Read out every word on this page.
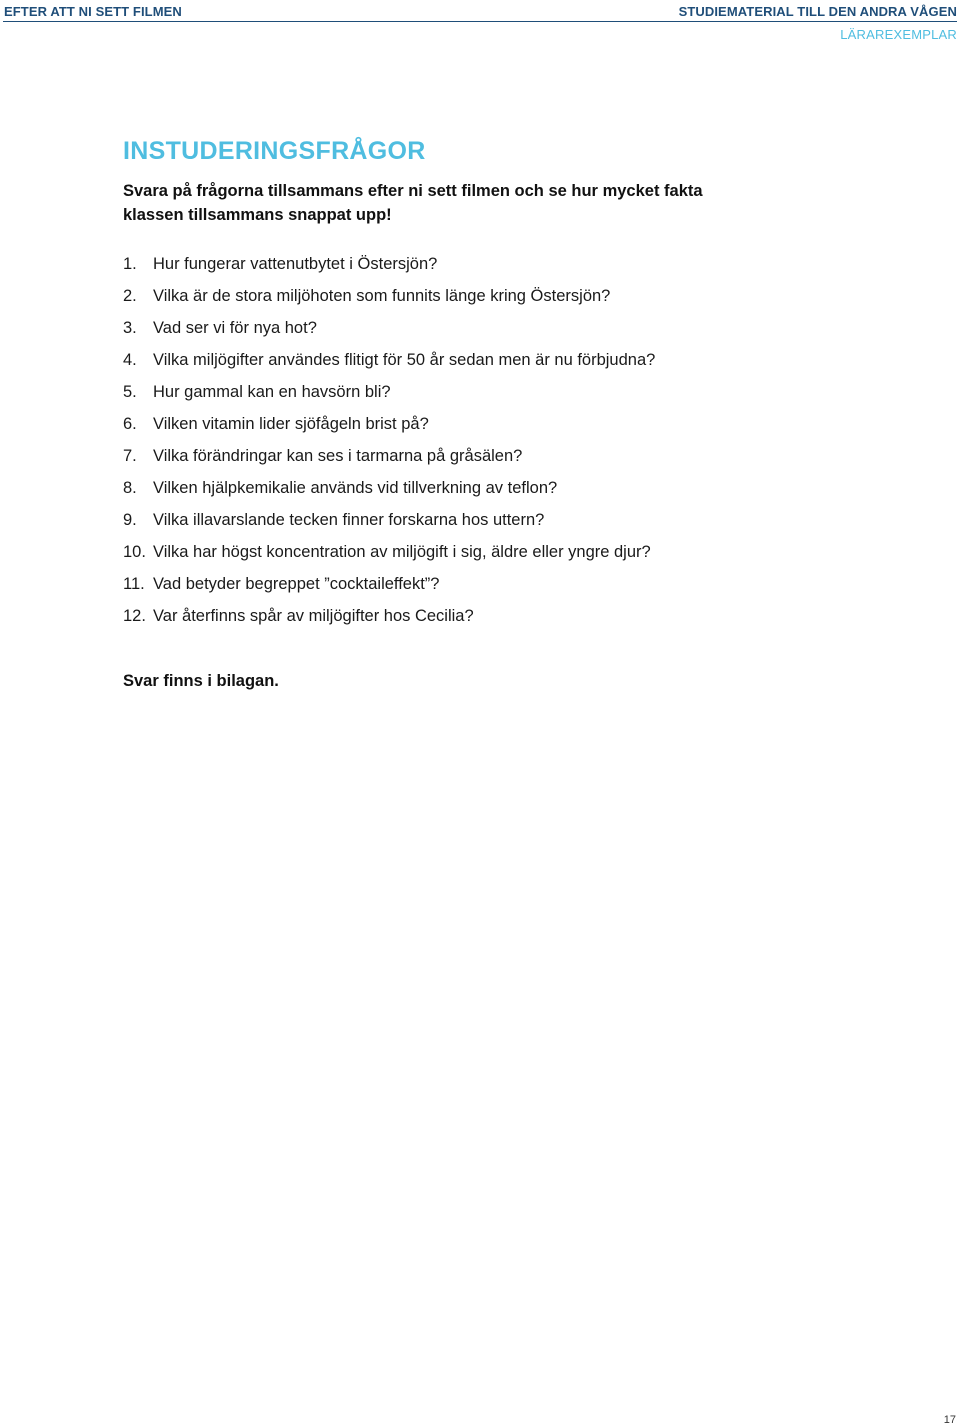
EFTER ATT NI SETT FILMEN	STUDIEMATERIAL TILL DEN ANDRA VÅGEN
LÄRAREXEMPLAR
INSTUDERINGSFRÅGOR

Svara på frågorna tillsammans efter ni sett filmen och se hur mycket fakta klassen tillsammans snappat upp!

1. Hur fungerar vattenutbytet i Östersjön?
2. Vilka är de stora miljöhoten som funnits länge kring Östersjön?
3. Vad ser vi för nya hot?
4. Vilka miljögifter användes flitigt för 50 år sedan men är nu förbjudna?
5. Hur gammal kan en havsörn bli?
6. Vilken vitamin lider sjöfågeln brist på?
7. Vilka förändringar kan ses i tarmarna på gråsälen?
8. Vilken hjälpkemikalie används vid tillverkning av teflon?
9. Vilka illavarslande tecken finner forskarna hos uttern?
10. Vilka har högst koncentration av miljögift i sig, äldre eller yngre djur?
11. Vad betyder begreppet ”cocktaileffekt”?
12. Var återfinns spår av miljögifter hos Cecilia?

Svar finns i bilagan.

17
